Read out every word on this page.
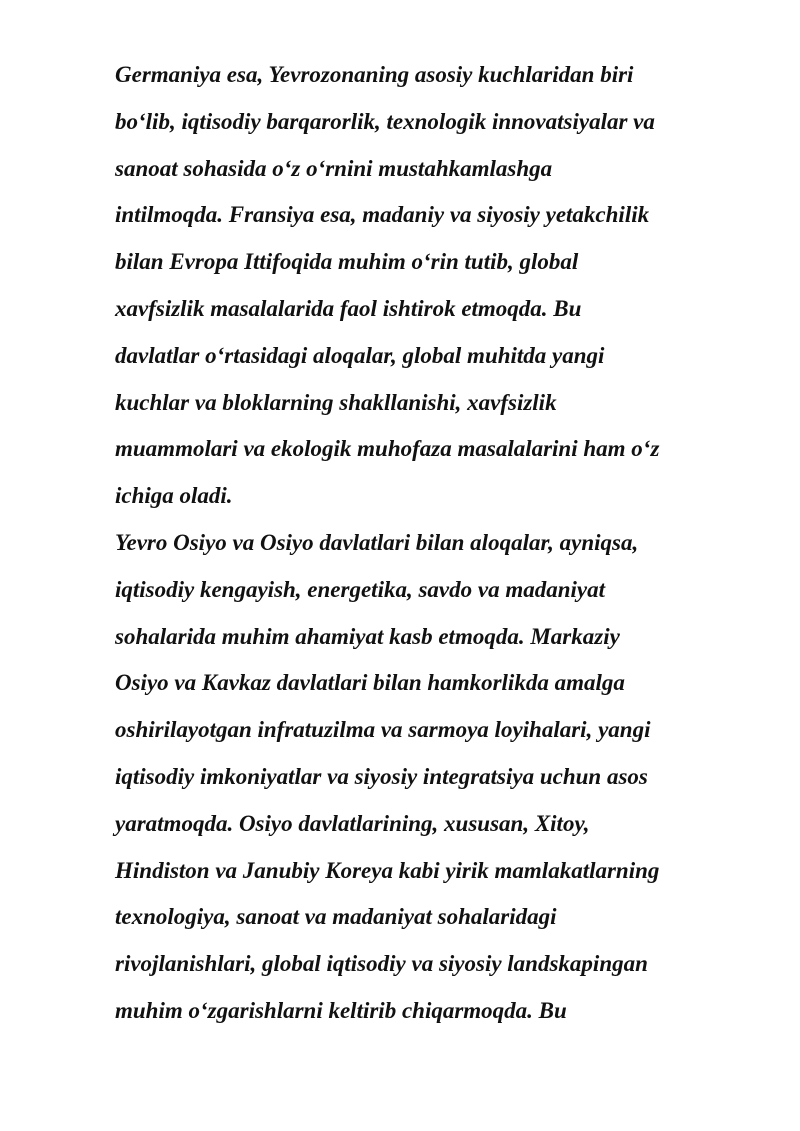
Germaniya esa, Yevrozonaning asosiy kuchlaridan biri
bo‘lib, iqtisodiy barqarorlik, texnologik innovatsiyalar va
sanoat sohasida o‘z o‘rnini mustahkamlashga
intilmoqda. Fransiya esa, madaniy va siyosiy yetakchilik
bilan Evropa Ittifoqida muhim o‘rin tutib, global
xavfsizlik masalalarida faol ishtirok etmoqda. Bu
davlatlar o‘rtasidagi aloqalar, global muhitda yangi
kuchlar va bloklarning shakllanishi, xavfsizlik
muammolari va ekologik muhofaza masalalarini ham o‘z
ichiga oladi.
Yevro Osiyo va Osiyo davlatlari bilan aloqalar, ayniqsa,
iqtisodiy kengayish, energetika, savdo va madaniyat
sohalarida muhim ahamiyat kasb etmoqda. Markaziy
Osiyo va Kavkaz davlatlari bilan hamkorlikda amalga
oshirilayotgan infratuzilma va sarmoya loyihalari, yangi
iqtisodiy imkoniyatlar va siyosiy integratsiya uchun asos
yaratmoqda. Osiyo davlatlarining, xususan, Xitoy,
Hindiston va Janubiy Koreya kabi yirik mamlakatlarning
texnologiya, sanoat va madaniyat sohalaridagi
rivojlanishlari, global iqtisodiy va siyosiy landskapingan
muhim o‘zgarishlarni keltirib chiqarmoqda. Bu
